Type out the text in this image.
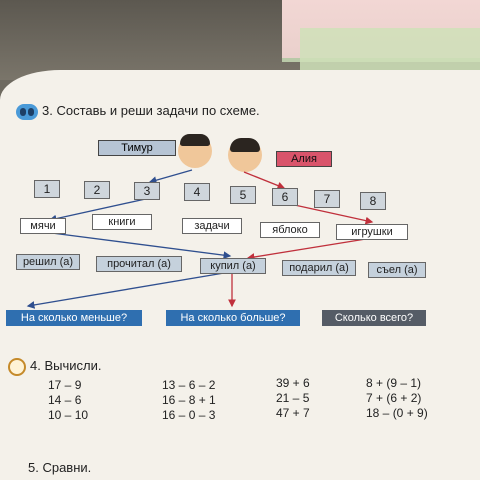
3. Составь и реши задачи по схеме.
Тимур
Алия
1	2	3	4	5	6	7	8
мячи	книги	задачи	яблоко	игрушки
решил (а)	прочитал (а)	купил (а)	подарил (а)	съел (а)
На сколько меньше?	На сколько больше?	Сколько всего?
4. Вычисли.
17 – 9
14 – 6
10 – 10
13 – 6 – 2
16 – 8 + 1
16 – 0 – 3
39 + 6
21 – 5
47 + 7
8 + (9 – 1)
7 + (6 + 2)
18 – (0 + 9)
5. Сравни.
